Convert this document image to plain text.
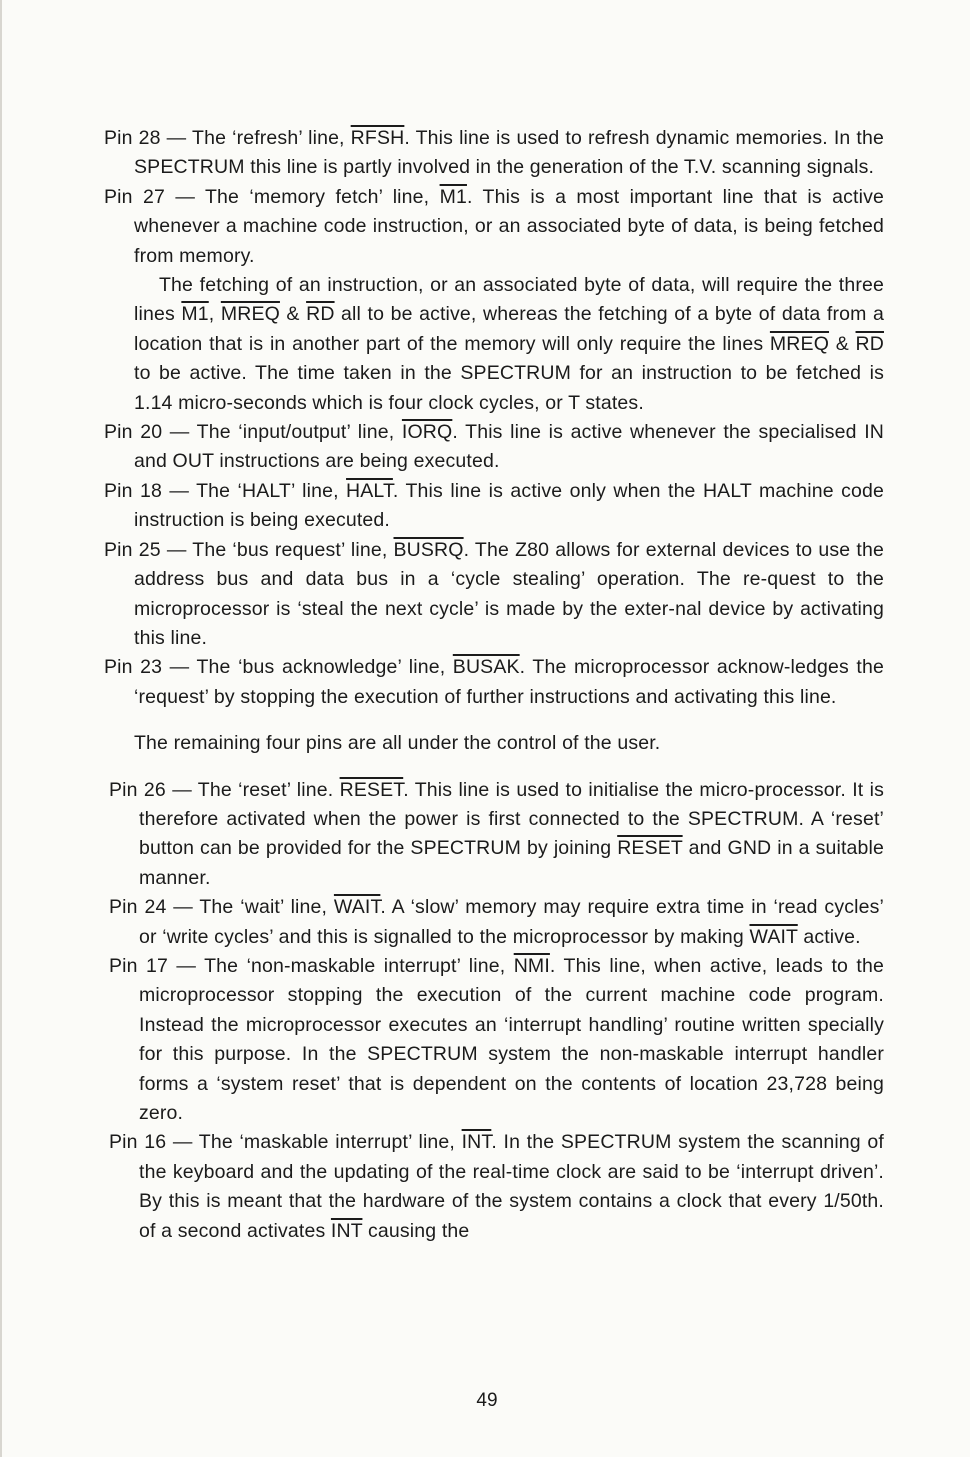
Pin 28 — The ‘refresh’ line, RFSH. This line is used to refresh dynamic memories. In the SPECTRUM this line is partly involved in the generation of the T.V. scanning signals.
Pin 27 — The ‘memory fetch’ line, M1. This is a most important line that is active whenever a machine code instruction, or an associated byte of data, is being fetched from memory.
The fetching of an instruction, or an associated byte of data, will require the three lines M1, MREQ & $\overline{RD}$ all to be active, whereas the fetching of a byte of data from a location that is in another part of the memory will only require the lines MREQ & $\overline{RD}$ to be active. The time taken in the SPECTRUM for an instruction to be fetched is 1.14 micro-seconds which is four clock cycles, or T states.
Pin 20 — The ‘input/output’ line, IORQ. This line is active whenever the specialised IN and OUT instructions are being executed.
Pin 18 — The ‘HALT’ line, HALT. This line is active only when the HALT machine code instruction is being executed.
Pin 25 — The ‘bus request’ line, BUSRQ. The Z80 allows for external devices to use the address bus and data bus in a ‘cycle stealing’ operation. The re-quest to the microprocessor is ‘steal the next cycle’ is made by the exter-nal device by activating this line.
Pin 23 — The ‘bus acknowledge’ line, BUSAK. The microprocessor acknow-ledges the ‘request’ by stopping the execution of further instructions and activating this line.
The remaining four pins are all under the control of the user.
Pin 26 — The ‘reset’ line. RESET. This line is used to initialise the micro-processor. It is therefore activated when the power is first connected to the SPECTRUM. A ‘reset’ button can be provided for the SPECTRUM by joining RESET and GND in a suitable manner.
Pin 24 — The ‘wait’ line, WAIT. A ‘slow’ memory may require extra time in ‘read cycles’ or ‘write cycles’ and this is signalled to the microprocessor by making WAIT active.
Pin 17 — The ‘non-maskable interrupt’ line, $\overline{NMI}$. This line, when active, leads to the microprocessor stopping the execution of the current machine code program. Instead the microprocessor executes an ‘interrupt handling’ routine written specially for this purpose. In the SPECTRUM system the non-maskable interrupt handler forms a ‘system reset’ that is dependent on the contents of location 23,728 being zero.
Pin 16 — The ‘maskable interrupt’ line, $\overline{INT}$. In the SPECTRUM system the scanning of the keyboard and the updating of the real-time clock are said to be ‘interrupt driven’. By this is meant that the hardware of the system contains a clock that every 1/50th. of a second activates $\overline{INT}$ causing the
49
